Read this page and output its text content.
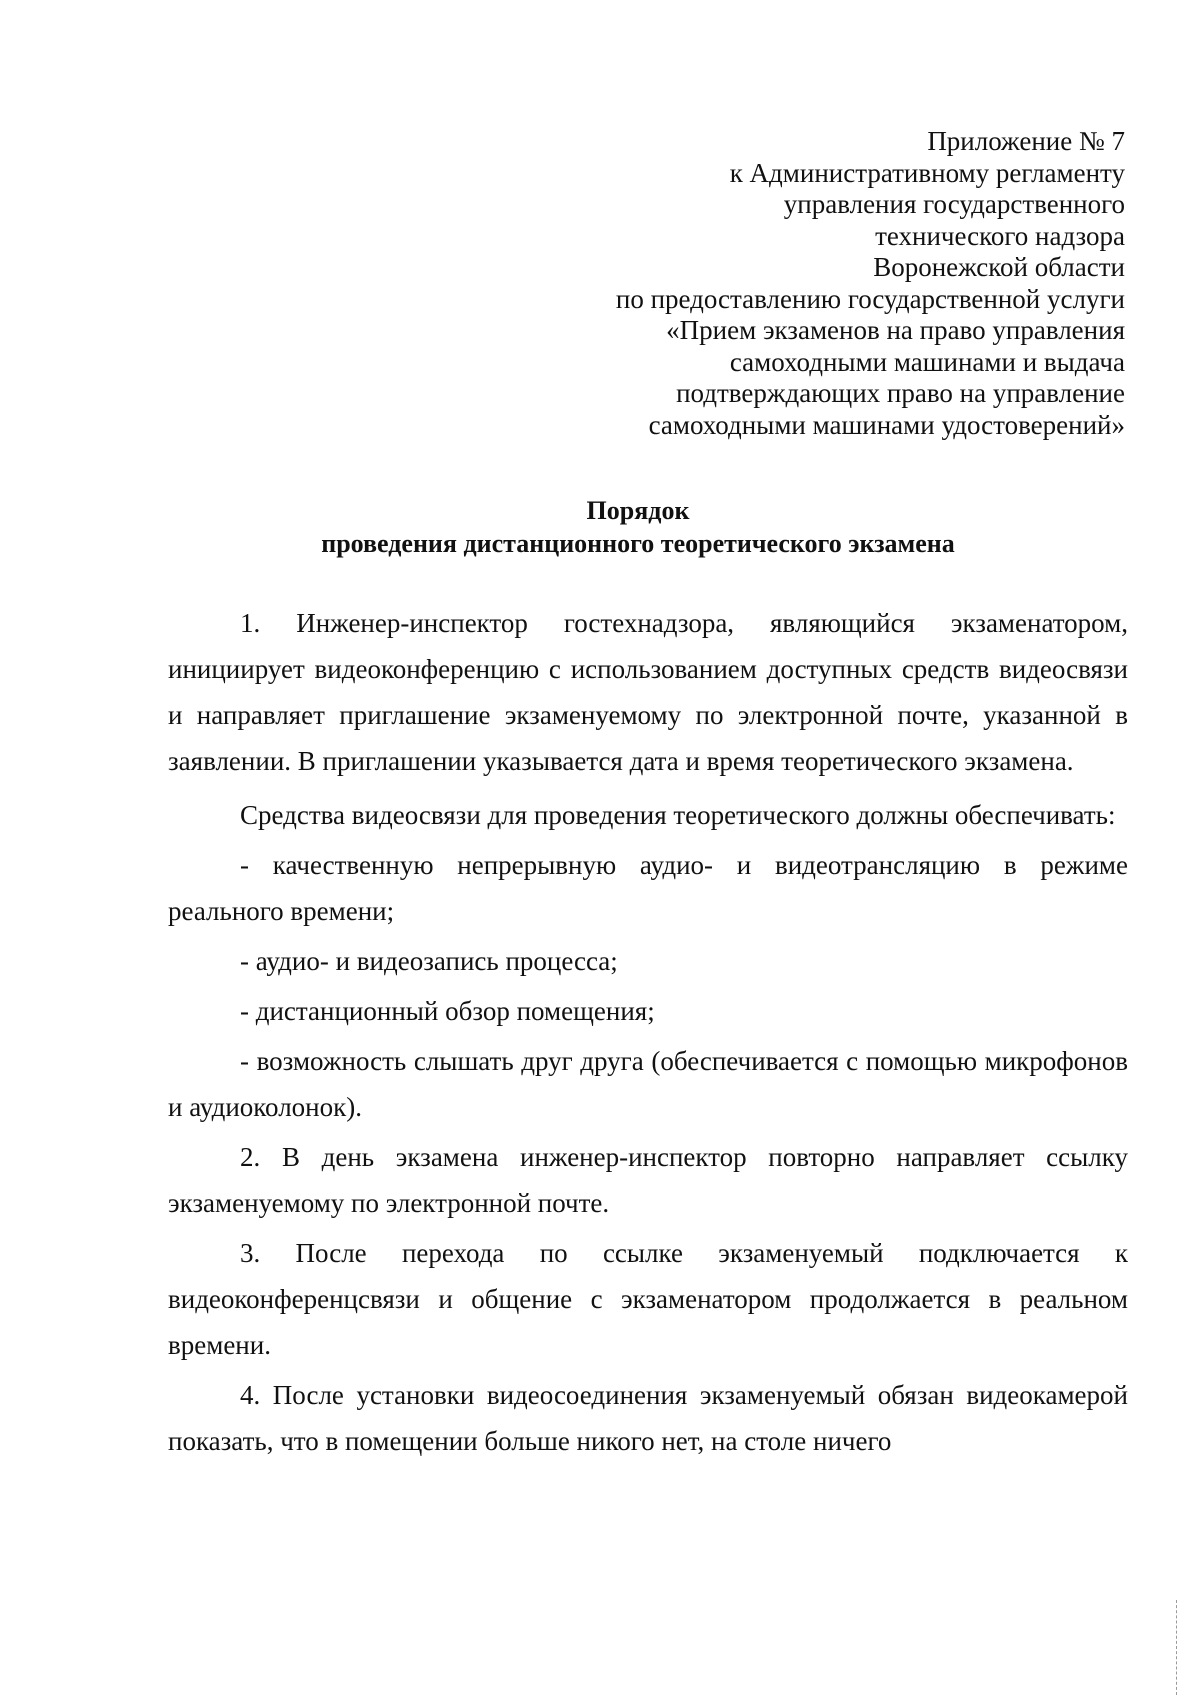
Приложение № 7
к Административному регламенту
управления государственного
технического надзора
Воронежской области
по предоставлению государственной услуги
«Прием экзаменов на право управления
самоходными машинами и выдача
подтверждающих право на управление
самоходными машинами удостоверений»
Порядок
проведения дистанционного теоретического экзамена

1. Инженер-инспектор гостехнадзора, являющийся экзаменатором, инициирует видеоконференцию с использованием доступных средств видеосвязи и направляет приглашение экзаменуемому по электронной почте, указанной в заявлении. В приглашении указывается дата и время теоретического экзамена.

Средства видеосвязи для проведения теоретического должны обеспечивать:

- качественную непрерывную аудио- и видеотрансляцию в режиме реального времени;

- аудио- и видеозапись процесса;

- дистанционный обзор помещения;

- возможность слышать друг друга (обеспечивается с помощью микрофонов и аудиоколонок).

2. В день экзамена инженер-инспектор повторно направляет ссылку экзаменуемому по электронной почте.

3. После перехода по ссылке экзаменуемый подключается к видеоконференцсвязи и общение с экзаменатором продолжается в реальном времени.

4. После установки видеосоединения экзаменуемый обязан видеокамерой показать, что в помещении больше никого нет, на столе ничего
